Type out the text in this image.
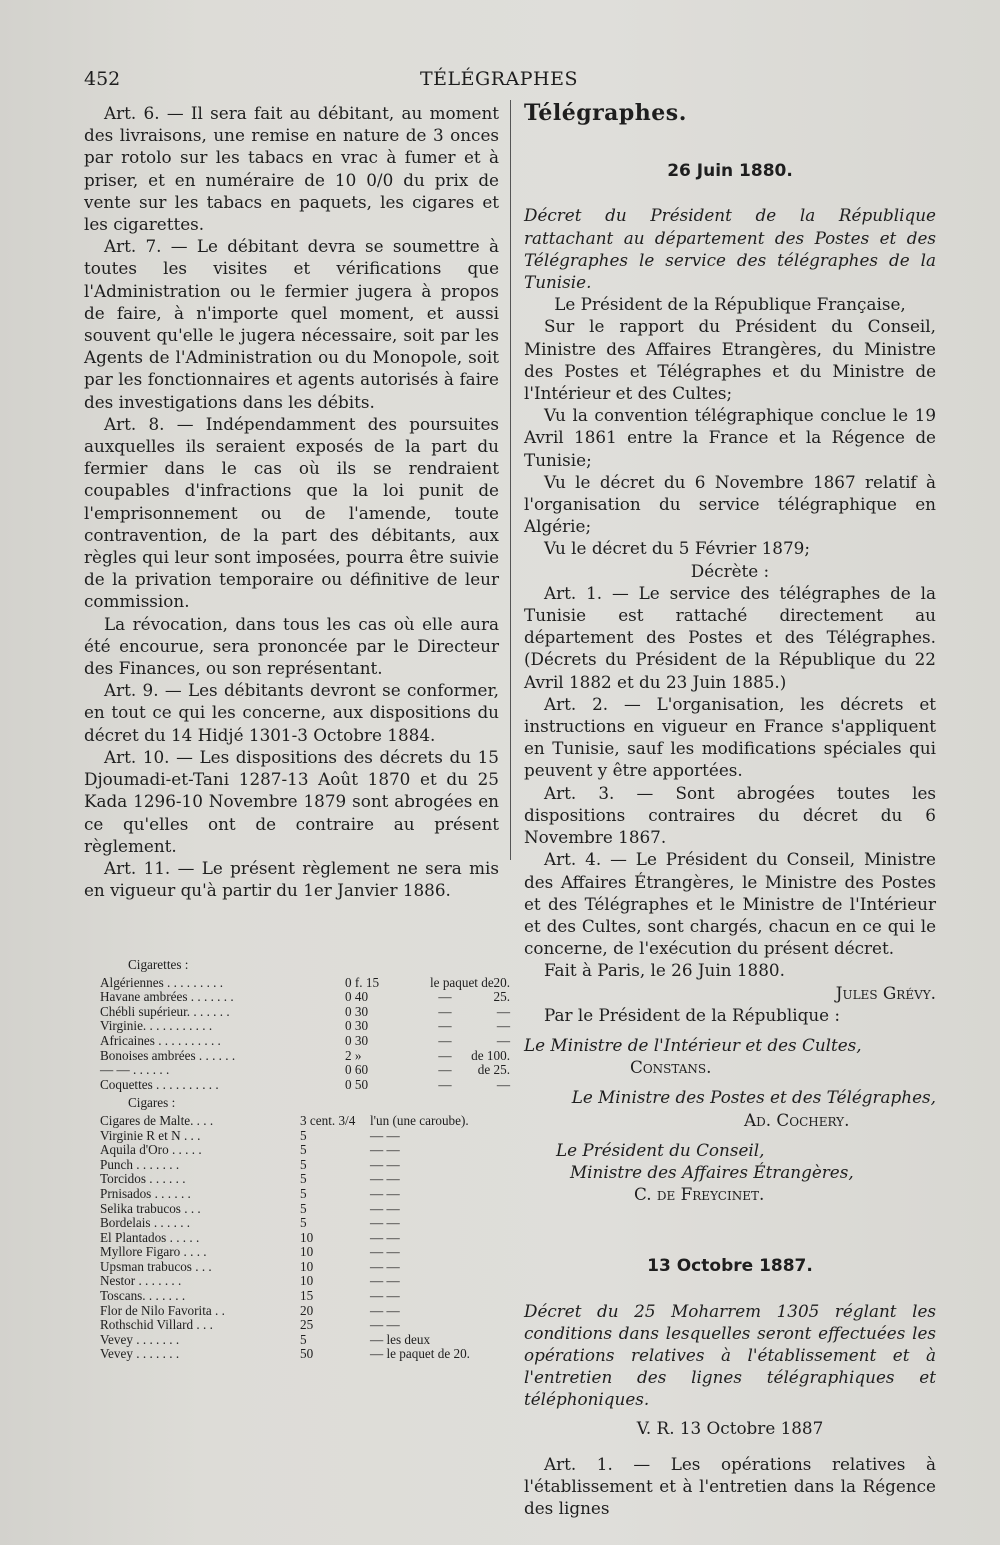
452	TÉLÉGRAPHES

Art. 6. — Il sera fait au débitant, au moment des livraisons, une remise en nature de 3 onces par rotolo sur les tabacs en vrac à fumer et à priser, et en numéraire de 10 0/0 du prix de vente sur les tabacs en paquets, les cigares et les cigarettes.

Art. 7. — Le débitant devra se soumettre à toutes les visites et vérifications que l'Administration ou le fermier jugera à propos de faire, à n'importe quel moment, et aussi souvent qu'elle le jugera nécessaire, soit par les Agents de l'Administration ou du Monopole, soit par les fonctionnaires et agents autorisés à faire des investigations dans les débits.

Art. 8. — Indépendamment des poursuites auxquelles ils seraient exposés de la part du fermier dans le cas où ils se rendraient coupables d'infractions que la loi punit de l'emprisonnement ou de l'amende, toute contravention, de la part des débitants, aux règles qui leur sont imposées, pourra être suivie de la privation temporaire ou définitive de leur commission.

La révocation, dans tous les cas où elle aura été encourue, sera prononcée par le Directeur des Finances, ou son représentant.

Art. 9. — Les débitants devront se conformer, en tout ce qui les concerne, aux dispositions du décret du 14 Hidjé 1301-3 Octobre 1884.

Art. 10. — Les dispositions des décrets du 15 Djoumadi-et-Tani 1287-13 Août 1870 et du 25 Kada 1296-10 Novembre 1879 sont abrogées en ce qu'elles ont de contraire au présent règlement.

Art. 11. — Le présent règlement ne sera mis en vigueur qu'à partir du 1er Janvier 1886.

Cigarettes :
Algériennes . . . . . . . . .	0 f. 15	le paquet de 20.
Havane ambrées . . . . . . .	0 40	—	25.
Chébli supérieur. . . . . . .	0 30	—	—
Virginie. . . . . . . . . . .	0 30	—	—
Africaines . . . . . . . . . .	0 30	—	—
Bonoises ambrées . . . . . .	2 »	—	de 100.
— — . . . . . .	0 60	—	de 25.
Coquettes . . . . . . . . . .	0 50	—	—
Cigares :
Cigares de Malte. . . .	3 cent. 3/4	l'un (une caroube).
Virginie R et N . . .	5	— —
Aquila d'Oro . . . . .	5	— —
Punch . . . . . . .	5	— —
Torcidos . . . . . .	5	— —
Prnisados . . . . . .	5	— —
Selika trabucos . . .	5	— —
Bordelais . . . . . .	5	— —
El Plantados . . . . .	10	— —
Myllore Figaro . . . .	10	— —
Upsman trabucos . . .	10	— —
Nestor . . . . . . .	10	— —
Toscans. . . . . . .	15	— —
Flor de Nilo Favorita . .	20	— —
Rothschid Villard . . .	25	— —
Vevey . . . . . . .	5	— les deux
Vevey . . . . . . .	50	— le paquet de 20.
Télégraphes.
26 Juin 1880.

Décret du Président de la République rattachant au département des Postes et des Télégraphes le service des télégraphes de la Tunisie.

Le Président de la République Française,

Sur le rapport du Président du Conseil, Ministre des Affaires Etrangères, du Ministre des Postes et Télégraphes et du Ministre de l'Intérieur et des Cultes;

Vu la convention télégraphique conclue le 19 Avril 1861 entre la France et la Régence de Tunisie;

Vu le décret du 6 Novembre 1867 relatif à l'organisation du service télégraphique en Algérie;

Vu le décret du 5 Février 1879;

Décrète :

Art. 1. — Le service des télégraphes de la Tunisie est rattaché directement au département des Postes et des Télégraphes. (Décrets du Président de la République du 22 Avril 1882 et du 23 Juin 1885.)

Art. 2. — L'organisation, les décrets et instructions en vigueur en France s'appliquent en Tunisie, sauf les modifications spéciales qui peuvent y être apportées.

Art. 3. — Sont abrogées toutes les dispositions contraires du décret du 6 Novembre 1867.

Art. 4. — Le Président du Conseil, Ministre des Affaires Étrangères, le Ministre des Postes et des Télégraphes et le Ministre de l'Intérieur et des Cultes, sont chargés, chacun en ce qui le concerne, de l'exécution du présent décret.

Fait à Paris, le 26 Juin 1880.

Jules Grévy.

Par le Président de la République :

Le Ministre de l'Intérieur et des Cultes,

Constans.

Le Ministre des Postes et des Télégraphes,

Ad. Cochery.

Le Président du Conseil,

Ministre des Affaires Étrangères,

C. de Freycinet.

13 Octobre 1887.

Décret du 25 Moharrem 1305 réglant les conditions dans lesquelles seront effectuées les opérations relatives à l'établissement et à l'entretien des lignes télégraphiques et téléphoniques.

V. R. 13 Octobre 1887

Art. 1. — Les opérations relatives à l'établissement et à l'entretien dans la Régence des lignes
